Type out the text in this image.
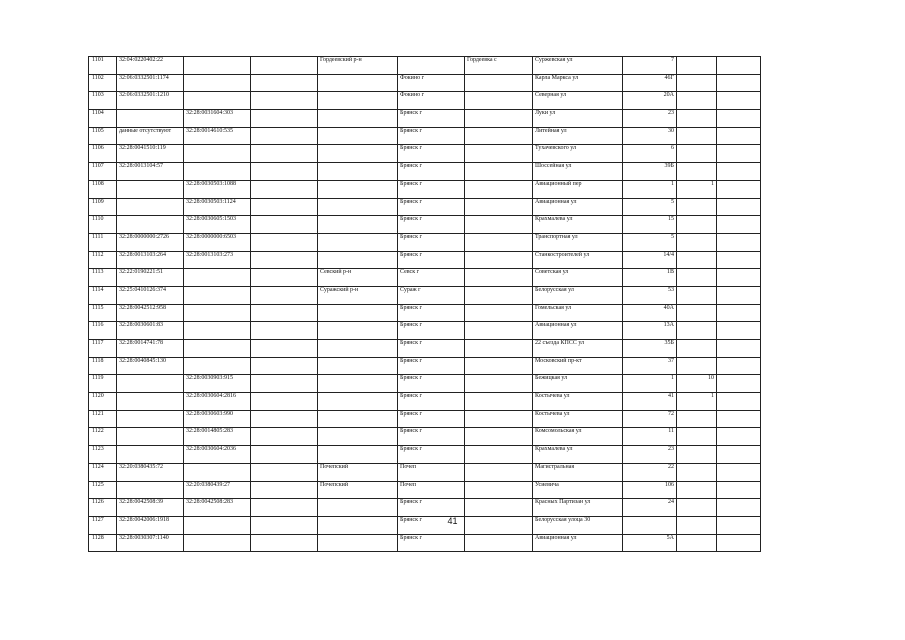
1101	32:04:0220402:22			Гордеевский р-н		Гордеевка с	Суржевская ул	7		
1102	32:06:0332501:1174				Фокино г		Карла Маркса ул	46Г		
1103	32:06:0332501:1210				Фокино г		Северная ул	20А		
1104		32:28:0031604:303			Брянск г		Луки ул	23		
1105	данные отсутствуют	32:28:0014610:535			Брянск г		Литейная ул	30		
1106	32:28:0041510:119				Брянск г		Тухачевского ул	6		
1107	32:28:0013104:57				Брянск г		Шоссейная ул	39Б		
1108		32:28:0030503:1088			Брянск г		Авиационный пер	1	1	
1109		32:28:0030503:1124			Брянск г		Авиационная ул	5		
1110		32:28:0030605:1503			Брянск г		Крахмалева ул	15		
1111	32:28:0000000:2726	32:28:0000000:6503			Брянск г		Транспортная ул	5		
1112	32:28:0013103:264	32:28:0013103:273			Брянск г		Станкостроителей ул	14/4		
1113	32:22:0190221:51			Севский р-н	Севск г		Советская ул	1В		
1114	32:25:0410126:374			Суражский р-н	Сураж г		Белорусская ул	53		
1115	32:28:0042512:958				Брянск г		Гомельская ул	40А		
1116	32:28:0030601:83				Брянск г		Авиационная ул	13А		
1117	32:28:0014741:78				Брянск г		22 съезда КПСС ул	35Б		
1118	32:28:0040845:130				Брянск г		Московский пр-кт	37		
1119		32:28:0030903:915			Брянск г		Бежицкая ул	1	10	
1120		32:28:0030604:2816			Брянск г		Костычева ул	41	1	
1121		32:28:0030603:990			Брянск г		Костычева ул	72		
1122		32:28:0014805:283			Брянск г		Комсомольская ул	11		
1123		32:28:0030604:2036			Брянск г		Крахмалева ул	23		
1124	32:20:0380435:72			Почепский	Почеп		Магистральная	22		
1125		32:20:0380439:27		Почепский	Почеп		Усиевича	106		
1126	32:28:0042508:39	32:28:0042508:283			Брянск г		Красных Партизан ул	24		
1127	32:28:0042006:1918				Брянск г		Белорусская улоца 30			
1128	32:28:0030307:1140				Брянск г		Авиационная ул	5А		
41
